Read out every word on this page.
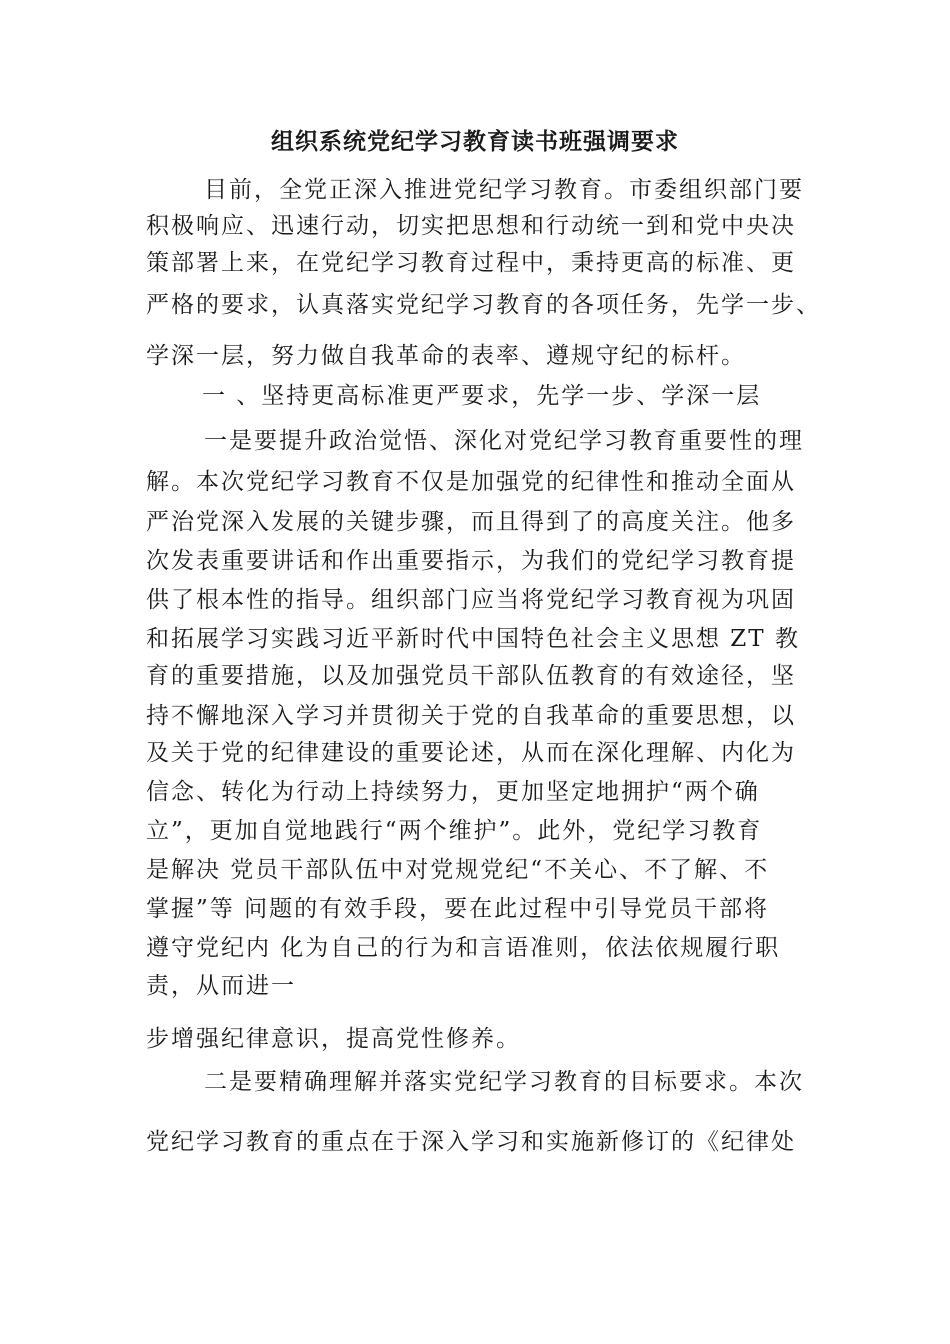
组织系统党纪学习教育读书班强调要求

目前，全党正深入推进党纪学习教育。市委组织部门要

积极响应、迅速行动，切实把思想和行动统一到和党中央决

策部署上来，在党纪学习教育过程中，秉持更高的标准、更

严格的要求，认真落实党纪学习教育的各项任务，先学一步、

学深一层，努力做自我革命的表率、遵规守纪的标杆。

一 、坚持更高标准更严要求，先学一步、学深一层

一是要提升政治觉悟、深化对党纪学习教育重要性的理

解。本次党纪学习教育不仅是加强党的纪律性和推动全面从

严治党深入发展的关键步骤，而且得到了的高度关注。他多

次发表重要讲话和作出重要指示，为我们的党纪学习教育提

供了根本性的指导。组织部门应当将党纪学习教育视为巩固

和拓展学习实践习近平新时代中国特色社会主义思想 ZT 教

育的重要措施，以及加强党员干部队伍教育的有效途径，坚

持不懈地深入学习并贯彻关于党的自我革命的重要思想，以

及关于党的纪律建设的重要论述，从而在深化理解、内化为

信念、转化为行动上持续努力，更加坚定地拥护“两个确

立”，更加自觉地践行“两个维护”。此外，党纪学习教育

是解决 党员干部队伍中对党规党纪“不关心、不了解、不

掌握”等 问题的有效手段，要在此过程中引导党员干部将

遵守党纪内 化为自己的行为和言语准则，依法依规履行职

责，从而进一

步增强纪律意识，提高党性修养。

二是要精确理解并落实党纪学习教育的目标要求。本次

党纪学习教育的重点在于深入学习和实施新修订的《纪律处
